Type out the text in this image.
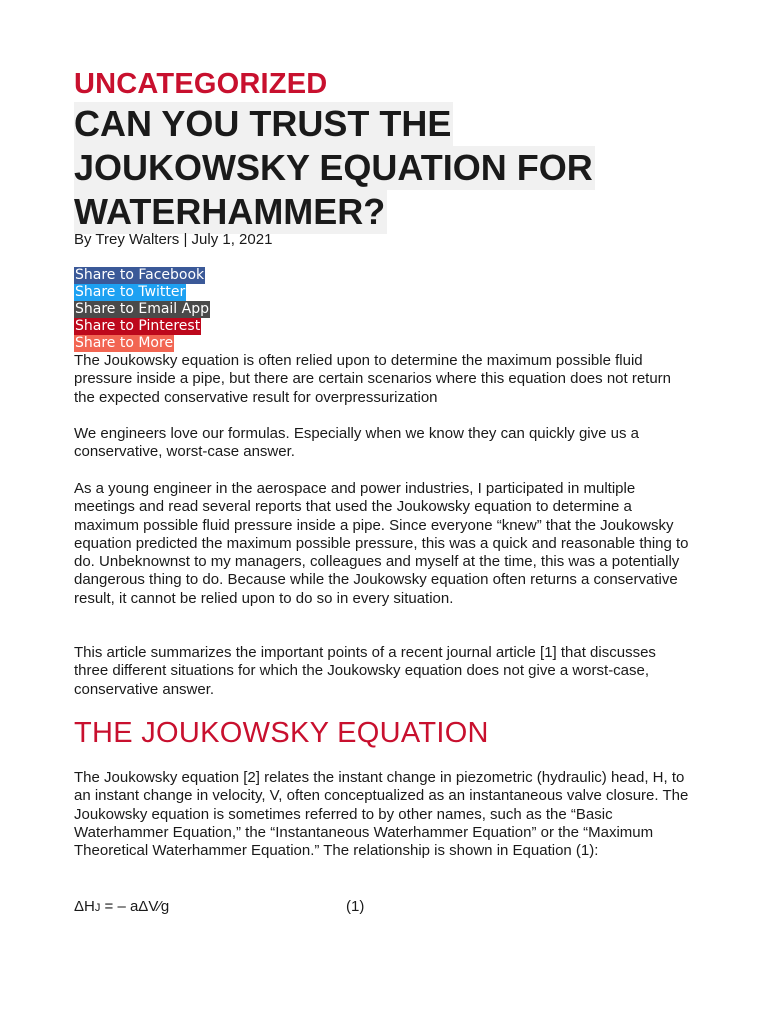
UNCATEGORIZED
CAN YOU TRUST THE
JOUKOWSKY EQUATION FOR
WATERHAMMER?

By Trey Walters | July 1, 2021

Share to Facebook
Share to Twitter
Share to Email App
Share to Pinterest
Share to More

The Joukowsky equation is often relied upon to determine the maximum possible fluid pressure inside a pipe, but there are certain scenarios where this equation does not return the expected conservative result for overpressurization

We engineers love our formulas. Especially when we know they can quickly give us a conservative, worst-case answer.

As a young engineer in the aerospace and power industries, I participated in multiple meetings and read several reports that used the Joukowsky equation to determine a maximum possible fluid pressure inside a pipe. Since everyone “knew” that the Joukowsky equation predicted the maximum possible pressure, this was a quick and reasonable thing to do. Unbeknownst to my managers, colleagues and myself at the time, this was a potentially dangerous thing to do. Because while the Joukowsky equation often returns a conservative result, it cannot be relied upon to do so in every situation.

This article summarizes the important points of a recent journal article [1] that discusses three different situations for which the Joukowsky equation does not give a worst-case, conservative answer.

THE JOUKOWSKY EQUATION

The Joukowsky equation [2] relates the instant change in piezometric (hydraulic) head, H, to an instant change in velocity, V, often conceptualized as an instantaneous valve closure. The Joukowsky equation is sometimes referred to by other names, such as the “Basic Waterhammer Equation,” the “Instantaneous Waterhammer Equation” or the “Maximum Theoretical Waterhammer Equation.” The relationship is shown in Equation (1):

ΔHJ = – aΔV⁄g	(1)
